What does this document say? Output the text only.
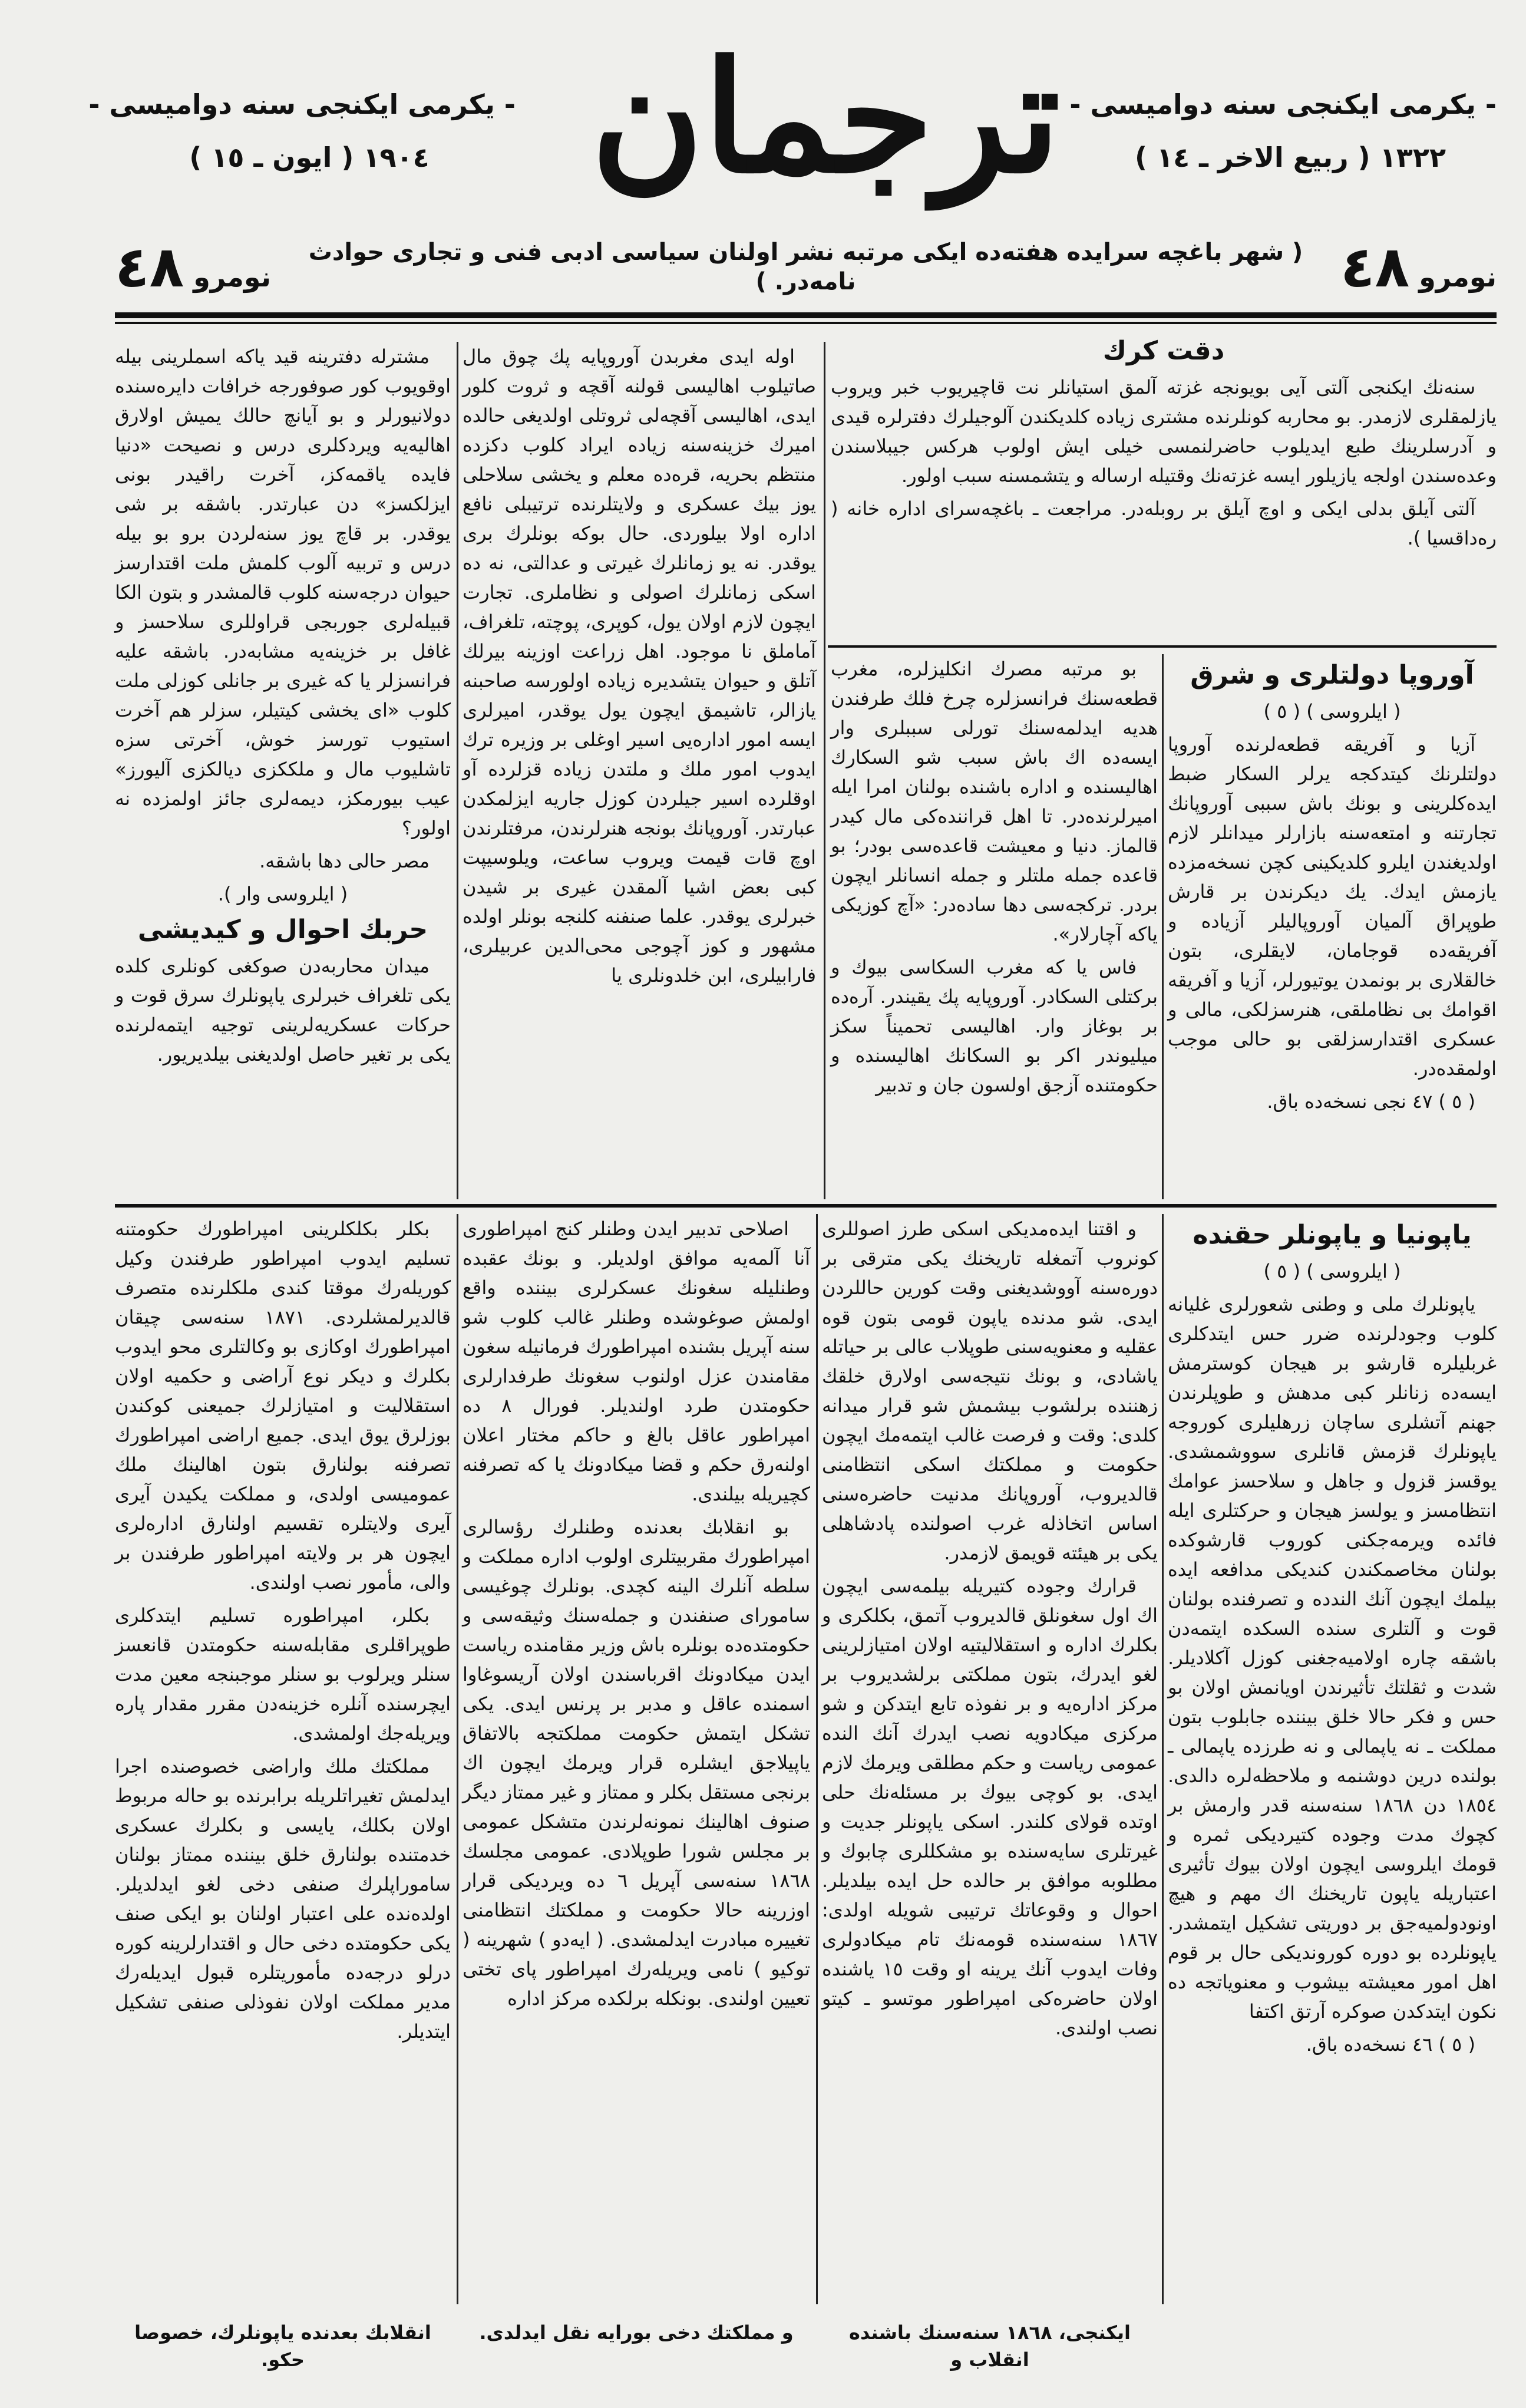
- یكرمی ایكنجی سنه دوامیسی -
١٩٠٤ ( ایون ـ ١٥ )
- یكرمی ایكنجی سنه دوامیسی -
١٣٢٢ ( ربیع الاخر ـ ١٤ )
ترجمان
نومرو ٤٨
( شهر باغچه سرایده هفته‌ده ایكی مرتبه نشر اولنان سیاسی ادبی فنی و تجاری حوادث نامه‌در. )
نومرو ٤٨

مشترله دفترینه قید یاكه اسملرینی بیله اوقویوب كور صوفورجه خرافات دایره‌سنده دولانیورلر و بو آیانچ حالك یمیش اولارق اهالیه‌یه ویردكلری درس و نصیحت «دنیا فایده یاقمه‌كز، آخرت راقیدر بونی ایزلكسز» دن عبارتدر. باشقه بر شی یوقدر. بر قاچ یوز سنه‌لردن برو بو بیله درس و تربیه آلوب كلمش ملت اقتدارسز حیوان درجه‌سنه كلوب قالمشدر و بتون الكا قبیله‌لری جوربجی قراوللری سلاحسز و غافل بر خزینه‌یه مشابه‌در. باشقه علیه فرانسزلر یا كه غیری بر جانلی كوزلی ملت كلوب «ای یخشی كیتیلر، سزلر هم آخرت استیوب تورسز خوش، آخرتی سزه تاشلیوب مال و ملككزی دیالكزی آلیورز» عیب بیورمكز، دیمه‌لری جائز اولمزده نه اولور؟

مصر حالی دها باشقه.

( ایلروسی وار ).

حربك احوال و كیدیشی

میدان محاربه‌دن صوكغی كونلری كلده یكی تلغراف خبرلری یاپونلرك سرق قوت و حركات عسكریه‌لرینی توجیه ایتمه‌لرنده یكی بر تغیر حاصل اولدیغنی بیلدیریور.

اوله ایدی مغربدن آوروپایه پك چوق مال صاتیلوب اهالیسی قولنه آقچه و ثروت كلور ایدی، اهالیسی آقچه‌لی ثروتلی اولدیغی حالده امیرك خزینه‌سنه زیاده ایراد كلوب دكزده منتظم بحریه، قره‌ده معلم و یخشی سلاحلی یوز بیك عسكری و ولایتلرنده ترتیبلی نافع اداره اولا بیلوردی. حال بوكه بونلرك بری یوقدر. نه یو زمانلرك غیرتی و عدالتی، نه ده اسكی زمانلرك اصولی و نظاملری. تجارت ایچون لازم اولان یول، كوپری، پوچته، تلغراف، آماملق نا موجود. اهل زراعت اوزینه بیرلك آتلق و حیوان یتشدیره زیاده اولورسه صاحبنه یازالر، تاشیمق ایچون یول یوقدر، امیرلری ایسه امور اداره‌یی اسیر اوغلی بر وزیره ترك ایدوب امور ملك و ملتدن زیاده قزلرده آو اوقلرده اسیر جیلردن كوزل جاریه ایزلمكدن عبارتدر. آوروپانك بونجه هنرلرندن، مرفتلرندن اوچ قات قیمت ویروب ساعت، ویلوسیپت كبی بعض اشیا آلمقدن غیری بر شیدن خبرلری یوقدر. علما صنفنه كلنجه بونلر اولده مشهور و كوز آچوجی محی‌الدین عربیلری، فارابیلری، ابن خلدونلری یا

دقت كرك

سنه‌نك ایكنجی آلتی آیی بویونجه غزته آلمق استیانلر نت قاچیریوب خبر ویروب یازلمقلری لازمدر. بو محاربه كونلرنده مشتری زیاده كلدیكندن آلوجیلرك دفترلره قیدی و آدرسلرینك طبع ایدیلوب حاضرلنمسی خیلی ایش اولوب هركس جیبلاسندن وعده‌سندن اولجه یازیلور ایسه غزته‌نك وقتیله ارساله و یتشمسنه سبب اولور.

آلتی آیلق بدلی ایكی و اوچ آیلق بر روبله‌در. مراجعت ـ باغچه‌سرای اداره خانه ( ره‌داقسیا ).

بو مرتبه مصرك انكلیزلره، مغرب قطعه‌سنك فرانسزلره چرخ فلك طرفندن هدیه ایدلمه‌سنك تورلی سببلری وار ایسه‌ده اك باش سبب شو السكارك اهالیسنده و اداره باشنده بولنان امرا ایله امیرلرنده‌در. تا اهل قراننده‌كی مال كیدر قالماز. دنیا و معیشت قاعده‌سی بودر؛ بو قاعده جمله ملتلر و جمله انسانلر ایچون بردر. تركجه‌سی دها ساده‌در: «آچ كوزیكی یاكه آچارلار».

فاس یا كه مغرب السكاسی بیوك و بركتلی السكادر. آوروپایه پك یقیندر. آره‌ده بر بوغاز وار. اهالیسی تحمیناً سكز میلیوندر اكر بو السكانك اهالیسنده و حكومتنده آزجق اولسون جان و تدبیر

آوروپا دولتلری و شرق

( ایلروسی ) ( ٥ )

آزیا و آفریقه قطعه‌لرنده آوروپا دولتلرنك كیتدكجه یرلر السكار ضبط ایده‌كلرینی و بونك باش سببی آوروپانك تجارتنه و امتعه‌سنه بازارلر میدانلر لازم اولدیغندن ایلرو كلدیكینی كچن نسخه‌مزده یازمش ایدك. یك دیكرندن بر قارش طوپراق آلمیان آوروپالیلر آزیاده و آفریقه‌ده قوجامان، لایقلری، بتون خالقلاری بر بونمدن یوتیورلر، آزیا و آفریقه اقوامك بی نظاملقی، هنرسزلكی، مالی و عسكری اقتدارسزلقی بو حالی موجب اولمقده‌در.

( ٥ ) ٤٧ نجی نسخه‌ده باق.

بكلر بكلكلرینی امپراطورك حكومتنه تسلیم ایدوب امپراطور طرفندن وكیل كوریله‌رك موقتا كندی ملكلرنده متصرف قالدیرلمشلردی. ١٨٧١ سنه‌سی چیقان امپراطورك اوكازی بو وكالتلری محو ایدوب بكلرك و دیكر نوع آراضی و حكمیه اولان استقلالیت و امتیازلرك جمیعنی كوكندن بوزلرق یوق ایدی. جمیع اراضی امپراطورك تصرفنه بولنارق بتون اهالینك ملك عمومیسی اولدی، و مملكت یكیدن آیری آیری ولایتلره تقسیم اولنارق اداره‌لری ایچون هر بر ولایته امپراطور طرفندن بر والی، مأمور نصب اولندی.

بكلر، امپراطوره تسلیم ایتدكلری طوپراقلری مقابله‌سنه حكومتدن قانعسز سنلر ویرلوب بو سنلر موجبنجه معین مدت ایچرسنده آنلره خزینه‌دن مقرر مقدار پاره ویریله‌جك اولمشدی.

مملكتك ملك واراضی خصوصنده اجرا ایدلمش تغیراتلریله برابرنده بو حاله مربوط اولان بكلك، یایسی و بكلرك عسكری خدمتنده بولنارق خلق بیننده ممتاز بولنان ساموراپلرك صنفی دخی لغو ایدلدیلر. اولده‌نده علی اعتبار اولنان بو ایكی صنف یكی حكومتده دخی حال و اقتدارلرینه كوره درلو درجه‌ده مأموریتلره قبول ایدیله‌رك مدیر مملكت اولان نفوذلی صنفی تشكیل ایتدیلر.

اصلاحی تدبیر ایدن وطنلر كنج امپراطوری آنا آلمه‌یه موافق اولدیلر. و بونك عقبده وطنلیله سغونك عسكرلری بیننده واقع اولمش صوغوشده وطنلر غالب كلوب شو سنه آپریل بشنده امپراطورك فرمانیله سغون مقامندن عزل اولنوب سغونك طرفدارلری حكومتدن طرد اولندیلر. فورال ٨ ده امپراطور عاقل بالغ و حاكم مختار اعلان اولنه‌رق حكم و قضا میكادونك یا كه تصرفنه كچیریله بیلندی.

بو انقلابك بعدنده وطنلرك رؤسالری امپراطورك مقربیتلری اولوب اداره مملكت و سلطه آنلرك الینه كچدی. بونلرك چوغیسی سامورای صنفندن و جمله‌سنك وثیقه‌سی و حكومتده‌ده بونلره باش وزیر مقامنده ریاست ایدن میكادونك اقرباسندن اولان آریسوغاوا اسمنده عاقل و مدبر بر پرنس ایدی. یكی تشكل ایتمش حكومت مملكتجه بالاتفاق یاپیلاجق ایشلره قرار ویرمك ایچون اك برنجی مستقل بكلر و ممتاز و غیر ممتاز دیگر صنوف اهالینك نمونه‌لرندن متشكل عمومی بر مجلس شورا طوپلادی. عمومی مجلسك ١٨٦٨ سنه‌سی آپریل ٦ ده ویردیكی قرار اوزرینه حالا حكومت و مملكتك انتظامنی تغییره مبادرت ایدلمشدی. ( ایه‌دو ) شهرینه ( توكیو ) نامی ویریله‌رك امپراطور پای تختی تعیین اولندی. بونكله برلكده مركز اداره

و اقتنا ایده‌مدیكی اسكی طرز اصوللری كونروب آتمغله تاریخنك یكی مترقی بر دوره‌سنه آووشدیغنی وقت كورین حاللردن ایدی. شو مدنده یاپون قومی بتون قوه عقلیه و معنویه‌سنی طوپلاب عالی بر حیاتله یاشادی، و بونك نتیجه‌سی اولارق خلقك زهننده برلشوب بیشمش شو قرار میدانه كلدی: وقت و فرصت غالب ایتمه‌مك ایچون حكومت و مملكتك اسكی انتظامنی قالدیروب، آوروپانك مدنیت حاضره‌سنی اساس اتخاذله غرب اصولنده پادشاهلی یكی بر هیئته قویمق لازمدر.

قرارك وجوده كتیریله بیلمه‌سی ایچون اك اول سغونلق قالدیروب آتمق، بكلكری و بكلرك اداره و استقلالیتیه اولان امتیازلرینی لغو ایدرك، بتون مملكتی برلشدیروب بر مركز اداره‌یه و بر نفوذه تابع ایتدكن و شو مركزی میكادویه نصب ایدرك آنك النده عمومی ریاست و حكم مطلقی ویرمك لازم ایدی. بو كوچی بیوك بر مسئله‌نك حلی اوتده قولای كلندر. اسكی یاپونلر جدیت و غیرتلری سایه‌سنده بو مشكللری چابوك و مطلوبه موافق بر حالده حل ایده بیلدیلر. احوال و وقوعاتك ترتیبی شویله اولدی: ١٨٦٧ سنه‌سنده قومه‌نك تام میكادولری وفات ایدوب آنك یرینه او وقت ١٥ یاشنده اولان حاضره‌كی امپراطور موتسو ـ كیتو نصب اولندی.

یاپونیا و یاپونلر حقنده

( ایلروسی ) ( ٥ )

یاپونلرك ملی و وطنی شعورلری غلیانه كلوب وجودلرنده ضرر حس ایتدكلری غربلیلره قارشو بر هیجان كوسترمش ایسه‌ده زنانلر كبی مدهش و طوپلرندن جهنم آتشلری ساچان زرهلیلری كوروجه یاپونلرك قزمش قانلری سووشمشدی. یوقسز قزول و جاهل و سلاحسز عوامك انتظامسز و یولسز هیجان و حركتلری ایله فائده ویرمه‌جكنی كوروب قارشوكده بولنان مخاصمكندن كندیكی مدافعه ایده بیلمك ایچون آنك الندده و تصرفنده بولنان قوت و آلتلری سنده السكده ایتمه‌دن باشقه چاره اولامیه‌جغنی كوزل آكلادیلر. شدت و ثقلتك تأثیرندن اویانمش اولان بو حس و فكر حالا خلق بیننده جابلوب بتون مملكت ـ نه یاپمالی و نه طرزده یاپمالی ـ بولنده درین دوشنمه و ملاحظه‌لره دالدی. ١٨٥٤ دن ١٨٦٨ سنه‌سنه قدر وارمش بر كچوك مدت وجوده كتیردیكی ثمره و قومك ایلروسی ایچون اولان بیوك تأثیری اعتباریله یاپون تاریخنك اك مهم و هیچ اونودولمیه‌جق بر دوریتی تشكیل ایتمشدر. یاپونلرده بو دوره كوروندیكی حال بر قوم اهل امور معیشته بیشوب و معنویاتجه ده نكون ایتدكدن صوكره آرتق اكتفا

( ٥ ) ٤٦ نسخه‌ده باق.

انقلابك بعدنده یاپونلرك، خصوصا حكو.
و مملكتك دخی بورایه نقل ایدلدی.	ایكنجی، ١٨٦٨ سنه‌سنك باشنده انقلاب و
